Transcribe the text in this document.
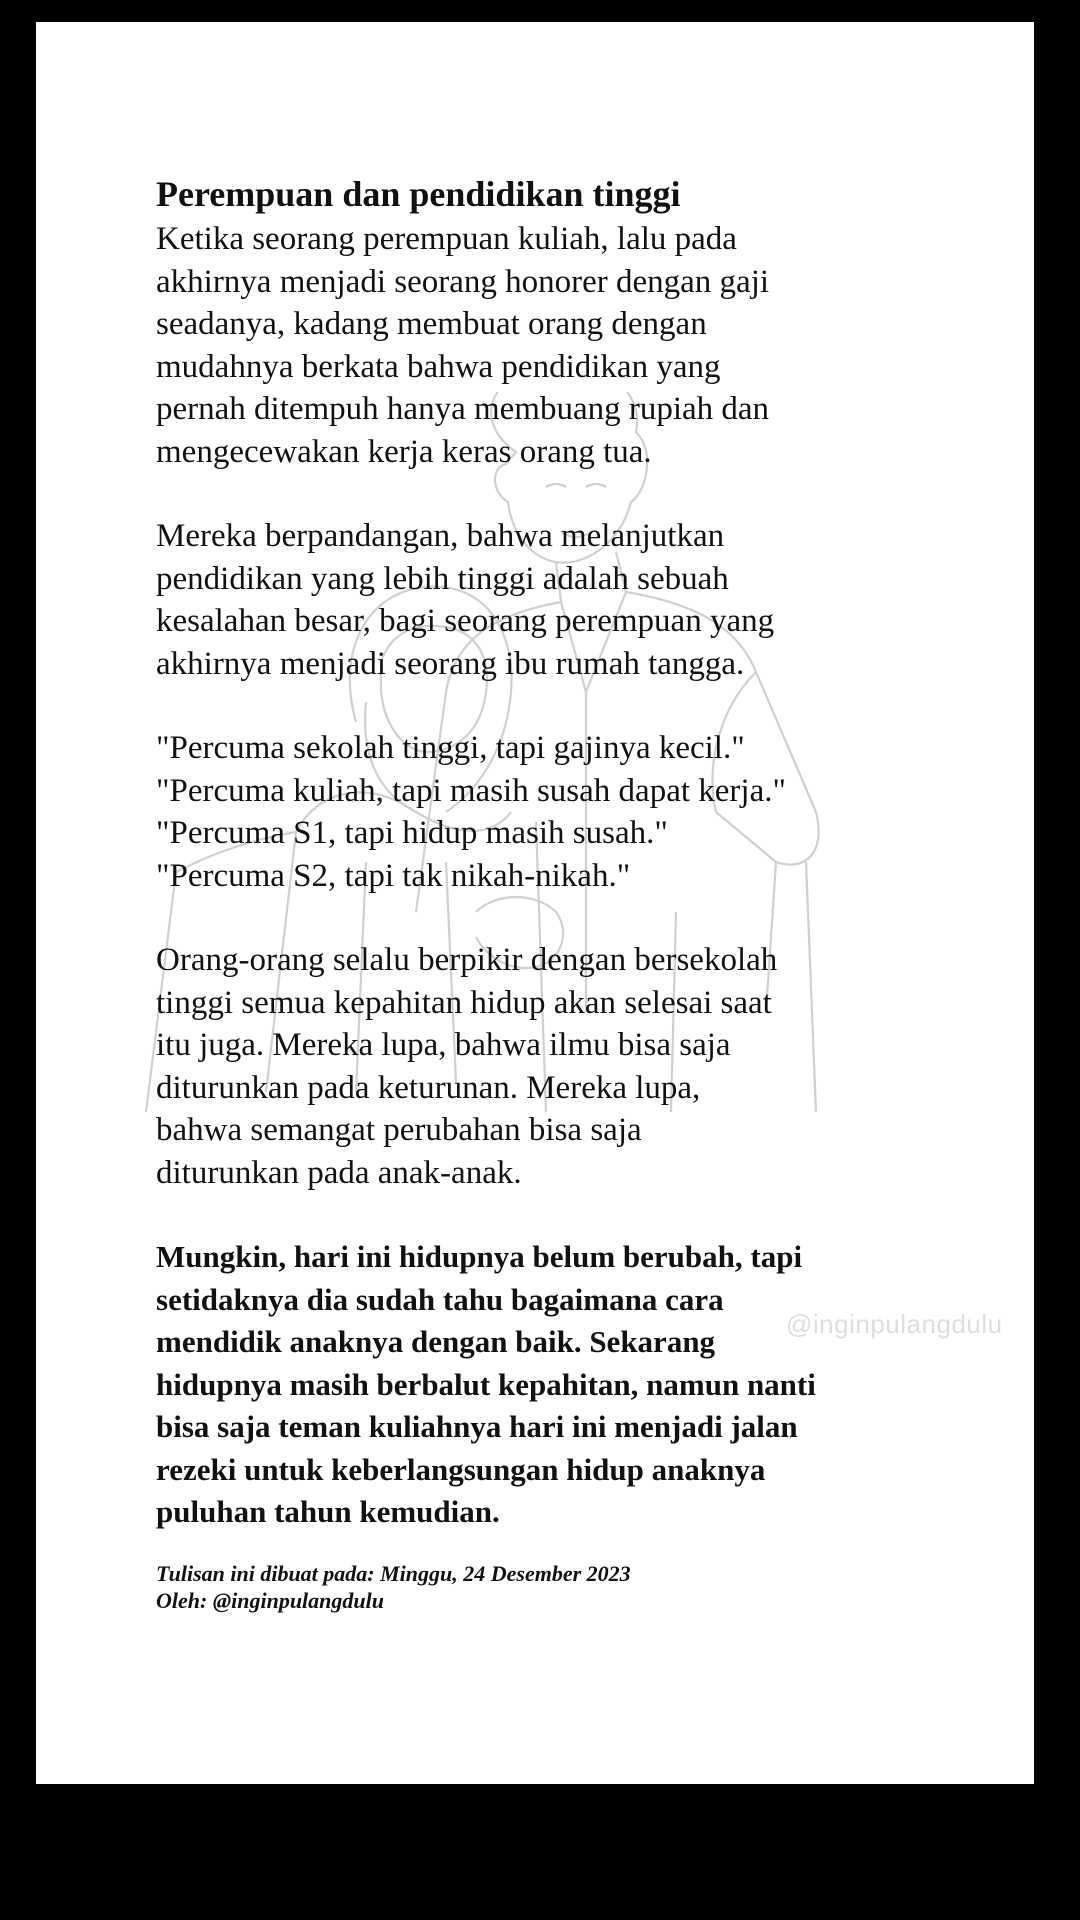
@inginpulangdulu
Perempuan dan pendidikan tinggi
Ketika seorang perempuan kuliah, lalu pada
akhirnya menjadi seorang honorer dengan gaji
seadanya, kadang membuat orang dengan
mudahnya berkata bahwa pendidikan yang
pernah ditempuh hanya membuang rupiah dan
mengecewakan kerja keras orang tua.
Mereka berpandangan, bahwa melanjutkan
pendidikan yang lebih tinggi adalah sebuah
kesalahan besar, bagi seorang perempuan yang
akhirnya menjadi seorang ibu rumah tangga.
"Percuma sekolah tinggi, tapi gajinya kecil."
"Percuma kuliah, tapi masih susah dapat kerja."
"Percuma S1, tapi hidup masih susah."
"Percuma S2, tapi tak nikah-nikah."
Orang-orang selalu berpikir dengan bersekolah
tinggi semua kepahitan hidup akan selesai saat
itu juga. Mereka lupa, bahwa ilmu bisa saja
diturunkan pada keturunan. Mereka lupa,
bahwa semangat perubahan bisa saja
diturunkan pada anak-anak.
Mungkin, hari ini hidupnya belum berubah, tapi
setidaknya dia sudah tahu bagaimana cara
mendidik anaknya dengan baik. Sekarang
hidupnya masih berbalut kepahitan, namun nanti
bisa saja teman kuliahnya hari ini menjadi jalan
rezeki untuk keberlangsungan hidup anaknya
puluhan tahun kemudian.
Tulisan ini dibuat pada: Minggu, 24 Desember 2023
Oleh: @inginpulangdulu
